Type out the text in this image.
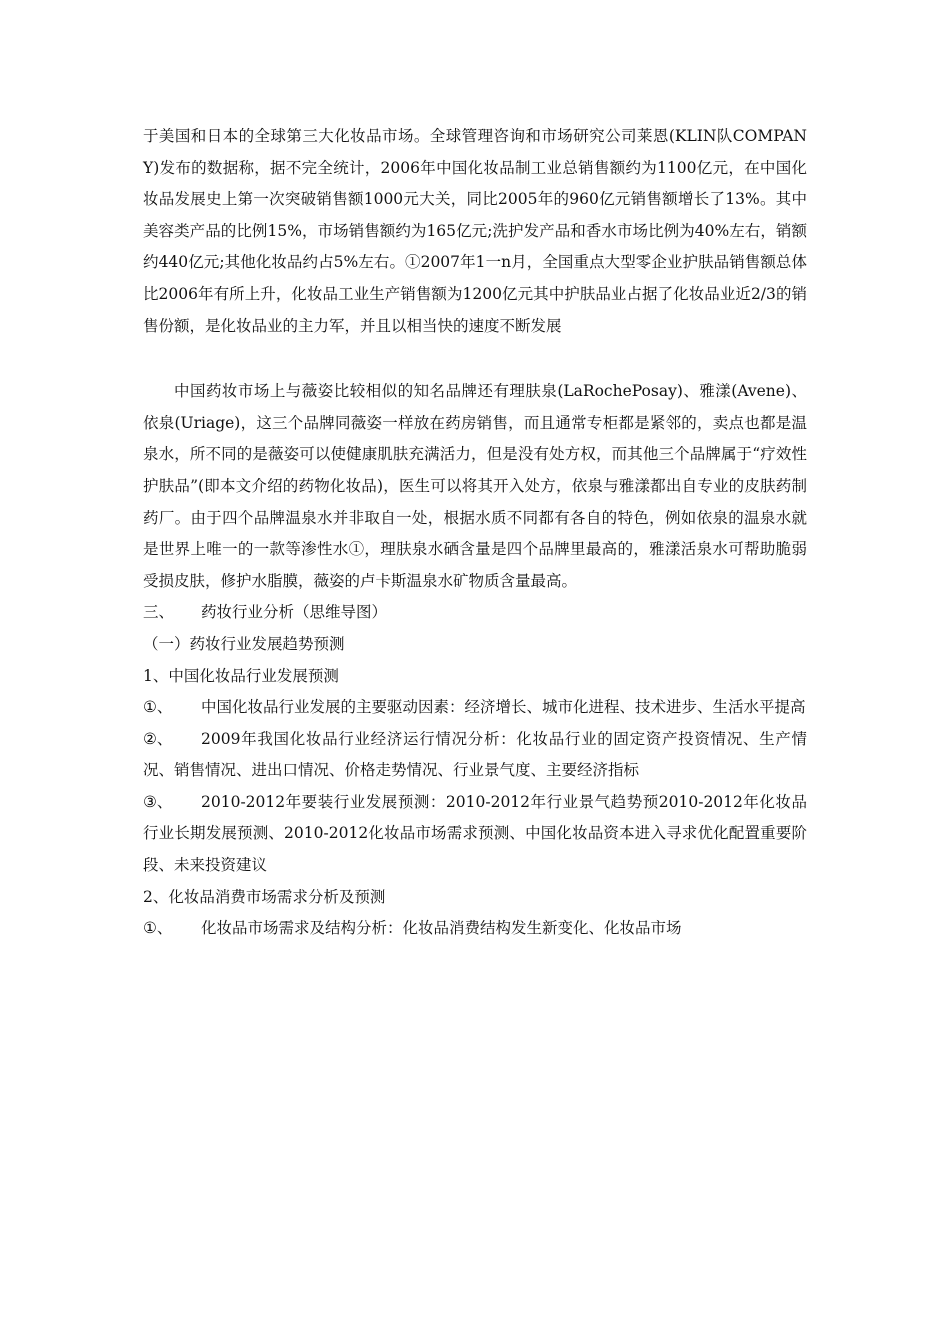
于美国和日本的全球第三大化妆品市场。全球管理咨询和市场研究公司莱恩(KLIN队COMPANY)发布的数据称，据不完全统计，2006年中国化妆品制工业总销售额约为1100亿元，在中国化妆品发展史上第一次突破销售额1000元大关，同比2005年的960亿元销售额增长了13%。其中美容类产品的比例15%，市场销售额约为165亿元;洗护发产品和香水市场比例为40%左右，销额约440亿元;其他化妆品约占5%左右。①2007年1一n月，全国重点大型零企业护肤品销售额总体比2006年有所上升，化妆品工业生产销售额为1200亿元其中护肤品业占据了化妆品业近2/3的销售份额，是化妆品业的主力军，并且以相当快的速度不断发展

中国药妆市场上与薇姿比较相似的知名品牌还有理肤泉(LaRochePosay)、雅漾(Avene)、依泉(Uriage)，这三个品牌同薇姿一样放在药房销售，而且通常专柜都是紧邻的，卖点也都是温泉水，所不同的是薇姿可以使健康肌肤充满活力，但是没有处方权，而其他三个品牌属于“疗效性护肤品”(即本文介绍的药物化妆品)，医生可以将其开入处方，依泉与雅漾都出自专业的皮肤药制药厂。由于四个品牌温泉水并非取自一处，根据水质不同都有各自的特色，例如依泉的温泉水就是世界上唯一的一款等渗性水①，理肤泉水硒含量是四个品牌里最高的，雅漾活泉水可帮助脆弱受损皮肤，修护水脂膜，薇姿的卢卡斯温泉水矿物质含量最高。

三、 药妆行业分析（思维导图）

（一）药妆行业发展趋势预测

1、中国化妆品行业发展预测

①、 中国化妆品行业发展的主要驱动因素：经济增长、城市化进程、技术进步、生活水平提高

②、 2009年我国化妆品行业经济运行情况分析：化妆品行业的固定资产投资情况、生产情况、销售情况、进出口情况、价格走势情况、行业景气度、主要经济指标

③、 2010-2012年要装行业发展预测：2010-2012年行业景气趋势预2010-2012年化妆品行业长期发展预测、2010-2012化妆品市场需求预测、中国化妆品资本进入寻求优化配置重要阶段、未来投资建议

2、化妆品消费市场需求分析及预测

①、 化妆品市场需求及结构分析：化妆品消费结构发生新变化、化妆品市场
